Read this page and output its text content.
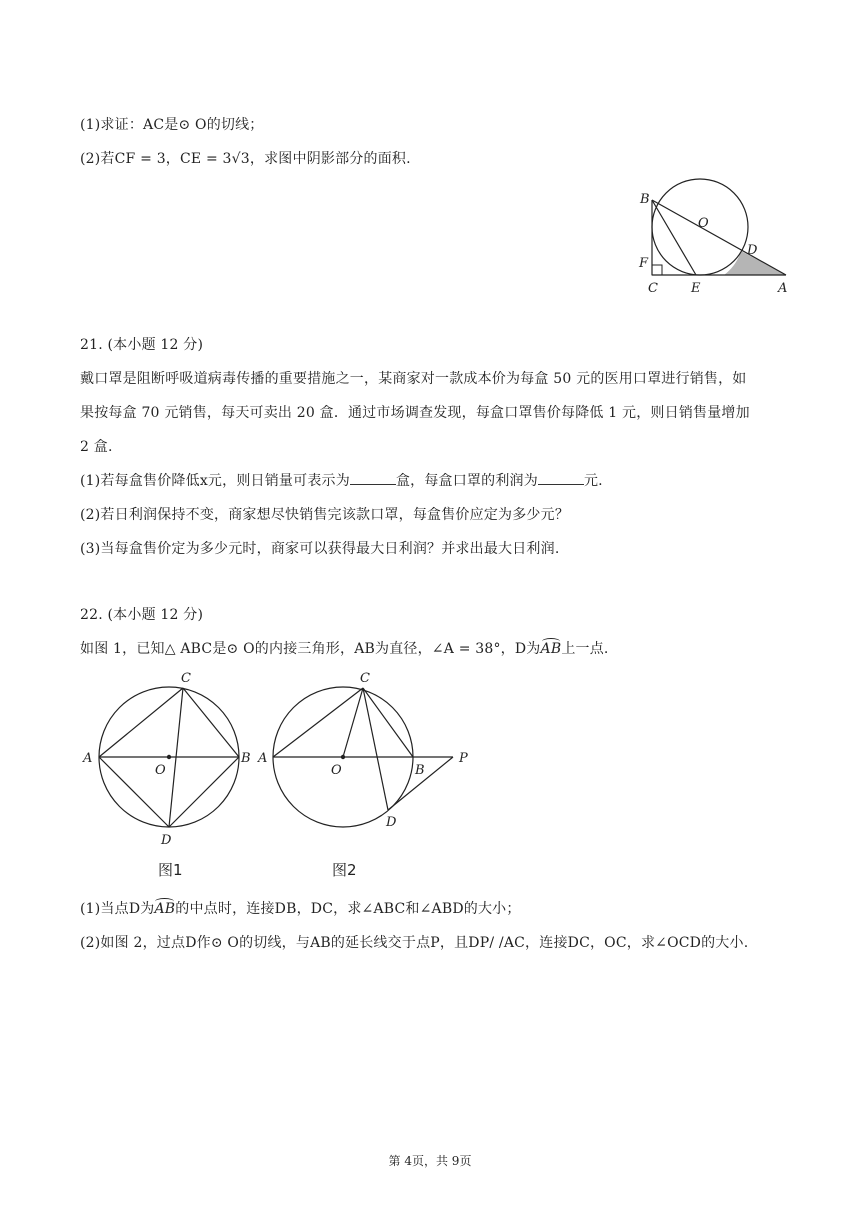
(1)求证：AC是⊙ O的切线；
(2)若CF = 3，CE = 3√3，求图中阴影部分的面积.
B
O
D
F
C	E	A
21. (本小题 12 分)
戴口罩是阻断呼吸道病毒传播的重要措施之一，某商家对一款成本价为每盒 50 元的医用口罩进行销售，如
果按每盒 70 元销售，每天可卖出 20 盒．通过市场调查发现，每盒口罩售价每降低 1 元，则日销售量增加
2 盒.
(1)若每盒售价降低x元，则日销量可表示为	盒，每盒口罩的利润为	元.
(2)若日利润保持不变，商家想尽快销售完该款口罩，每盒售价应定为多少元？
(3)当每盒售价定为多少元时，商家可以获得最大日利润？并求出最大日利润.
22. (本小题 12 分)
如图 1，已知△ ABC是⊙ O的内接三角形，AB为直径，∠A = 38°，D为AB上一点.
A	B
C
D
O
图1
A
B
C
D
O
P
图2
(1)当点D为AB的中点时，连接DB，DC，求∠ABC和∠ABD的大小；
(2)如图 2，过点D作⊙ O的切线，与AB的延长线交于点P，且DP/ /AC，连接DC，OC，求∠OCD的大小.
第 4页，共 9页
